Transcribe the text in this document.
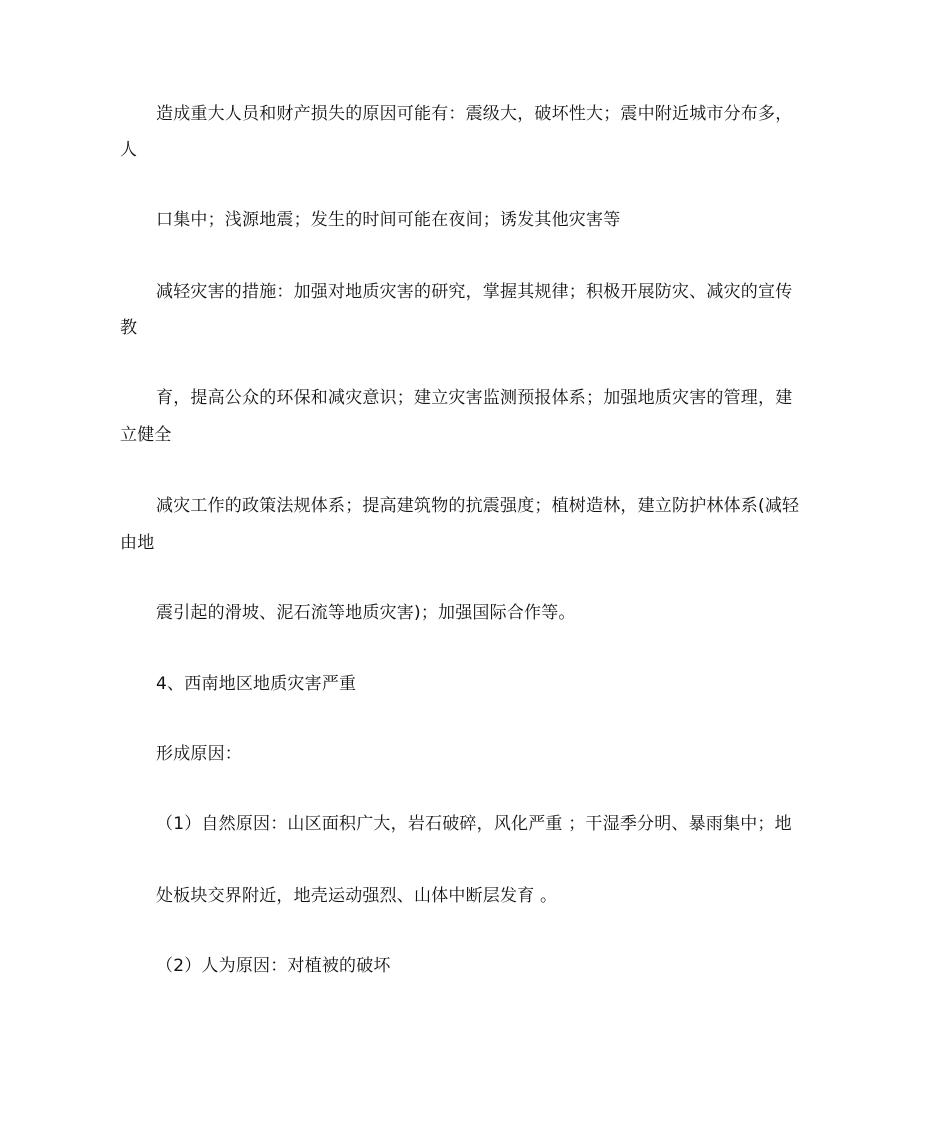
造成重大人员和财产损失的原因可能有：震级大，破坏性大；震中附近城市分布多，
人
口集中；浅源地震；发生的时间可能在夜间；诱发其他灾害等
减轻灾害的措施：加强对地质灾害的研究，掌握其规律；积极开展防灾、减灾的宣传
教
育，提高公众的环保和减灾意识；建立灾害监测预报体系；加强地质灾害的管理，建
立健全
减灾工作的政策法规体系；提高建筑物的抗震强度；植树造林，建立防护林体系(减轻
由地
震引起的滑坡、泥石流等地质灾害)；加强国际合作等。
4、西南地区地质灾害严重
形成原因：
（1）自然原因：山区面积广大，岩石破碎，风化严重 ；干湿季分明、暴雨集中；地
处板块交界附近，地壳运动强烈、山体中断层发育 。
（2）人为原因：对植被的破坏
